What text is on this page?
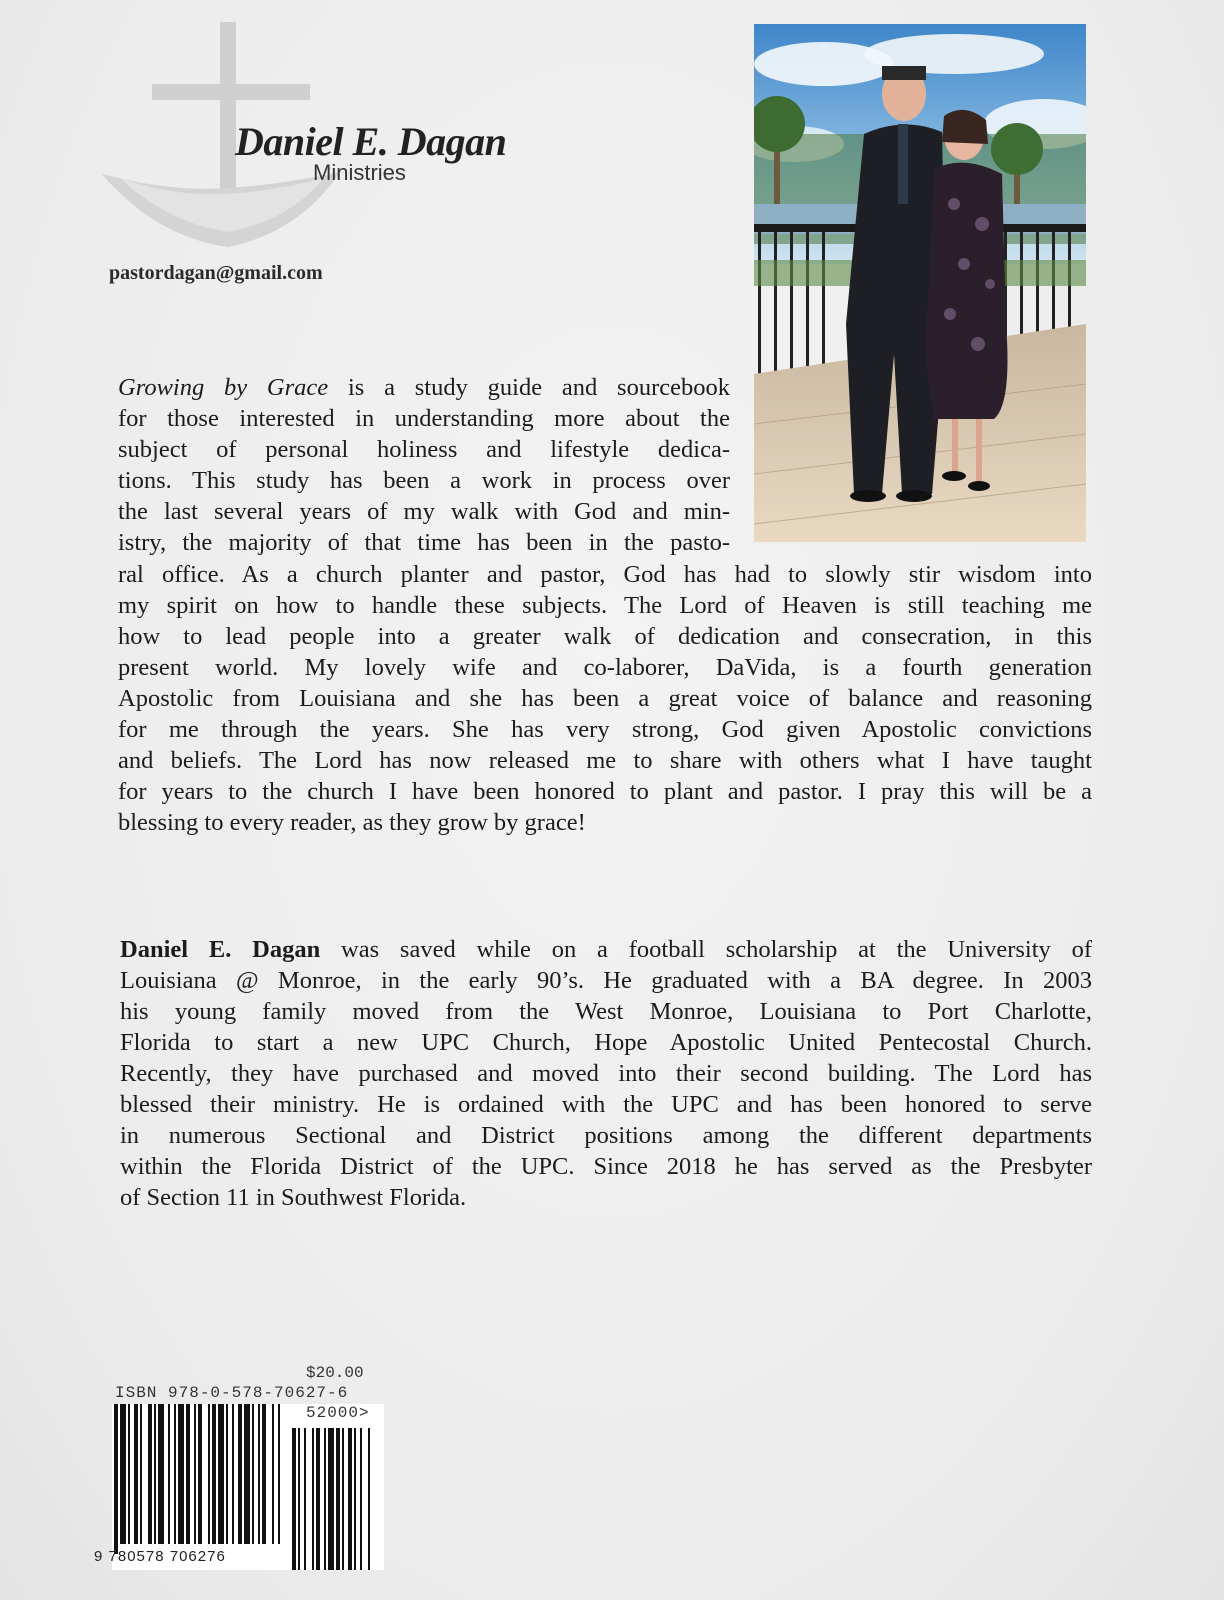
Daniel E. Dagan
Ministries
pastordagan@gmail.com
Growing by Grace is a study guide and sourcebook
for those interested in understanding more about the
subject of personal holiness and lifestyle dedica-
tions. This study has been a work in process over
the last several years of my walk with God and min-
istry, the majority of that time has been in the pasto-
ral office. As a church planter and pastor, God has had to slowly stir wisdom into
my spirit on how to handle these subjects. The Lord of Heaven is still teaching me
how to lead people into a greater walk of dedication and consecration, in this
present world. My lovely wife and co-laborer, DaVida, is a fourth generation
Apostolic from Louisiana and she has been a great voice of balance and reasoning
for me through the years. She has very strong, God given Apostolic convictions
and beliefs. The Lord has now released me to share with others what I have taught
for years to the church I have been honored to plant and pastor. I pray this will be a
blessing to every reader, as they grow by grace!
Daniel E. Dagan was saved while on a football scholarship at the University of
Louisiana @ Monroe, in the early 90’s. He graduated with a BA degree. In 2003
his young family moved from the West Monroe, Louisiana to Port Charlotte,
Florida to start a new UPC Church, Hope Apostolic United Pentecostal Church.
Recently, they have purchased and moved into their second building. The Lord has
blessed their ministry. He is ordained with the UPC and has been honored to serve
in numerous Sectional and District positions among the different departments
within the Florida District of the UPC. Since 2018 he has served as the Presbyter
of Section 11 in Southwest Florida.
$20.00
ISBN 978-0-578-70627-6
52000>
9 780578 706276
